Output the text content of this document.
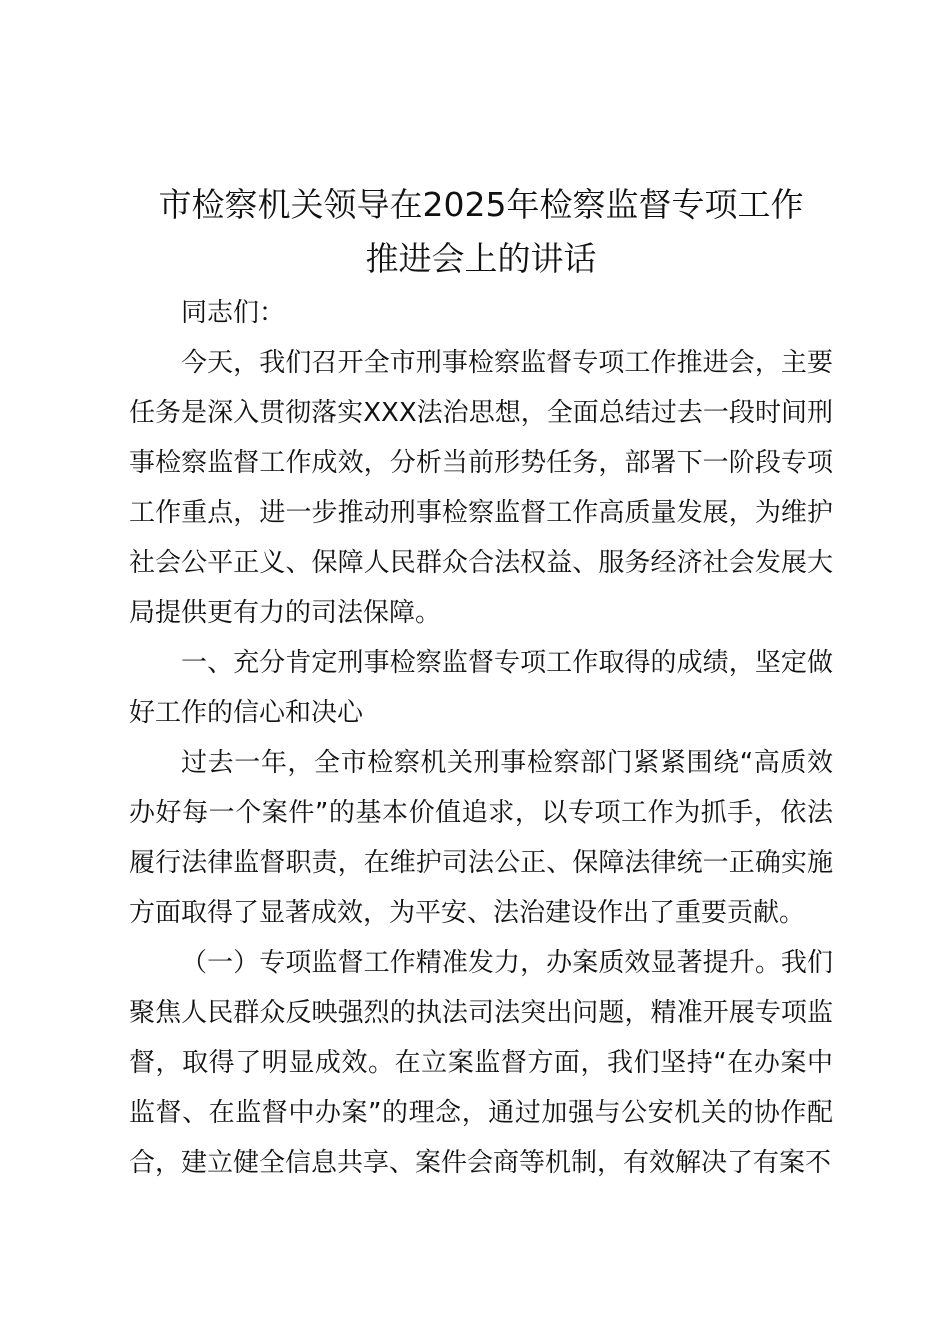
市检察机关领导在2025年检察监督专项工作
推进会上的讲话

同志们：

今天，我们召开全市刑事检察监督专项工作推进会，主要任务是深入贯彻落实XXX法治思想，全面总结过去一段时间刑事检察监督工作成效，分析当前形势任务，部署下一阶段专项工作重点，进一步推动刑事检察监督工作高质量发展，为维护社会公平正义、保障人民群众合法权益、服务经济社会发展大局提供更有力的司法保障。

一、充分肯定刑事检察监督专项工作取得的成绩，坚定做好工作的信心和决心

过去一年，全市检察机关刑事检察部门紧紧围绕“高质效办好每一个案件”的基本价值追求，以专项工作为抓手，依法履行法律监督职责，在维护司法公正、保障法律统一正确实施方面取得了显著成效，为平安、法治建设作出了重要贡献。

（一）专项监督工作精准发力，办案质效显著提升。我们聚焦人民群众反映强烈的执法司法突出问题，精准开展专项监督，取得了明显成效。在立案监督方面，我们坚持“在办案中监督、在监督中办案”的理念，通过加强与公安机关的协作配合，建立健全信息共享、案件会商等机制，有效解决了有案不
